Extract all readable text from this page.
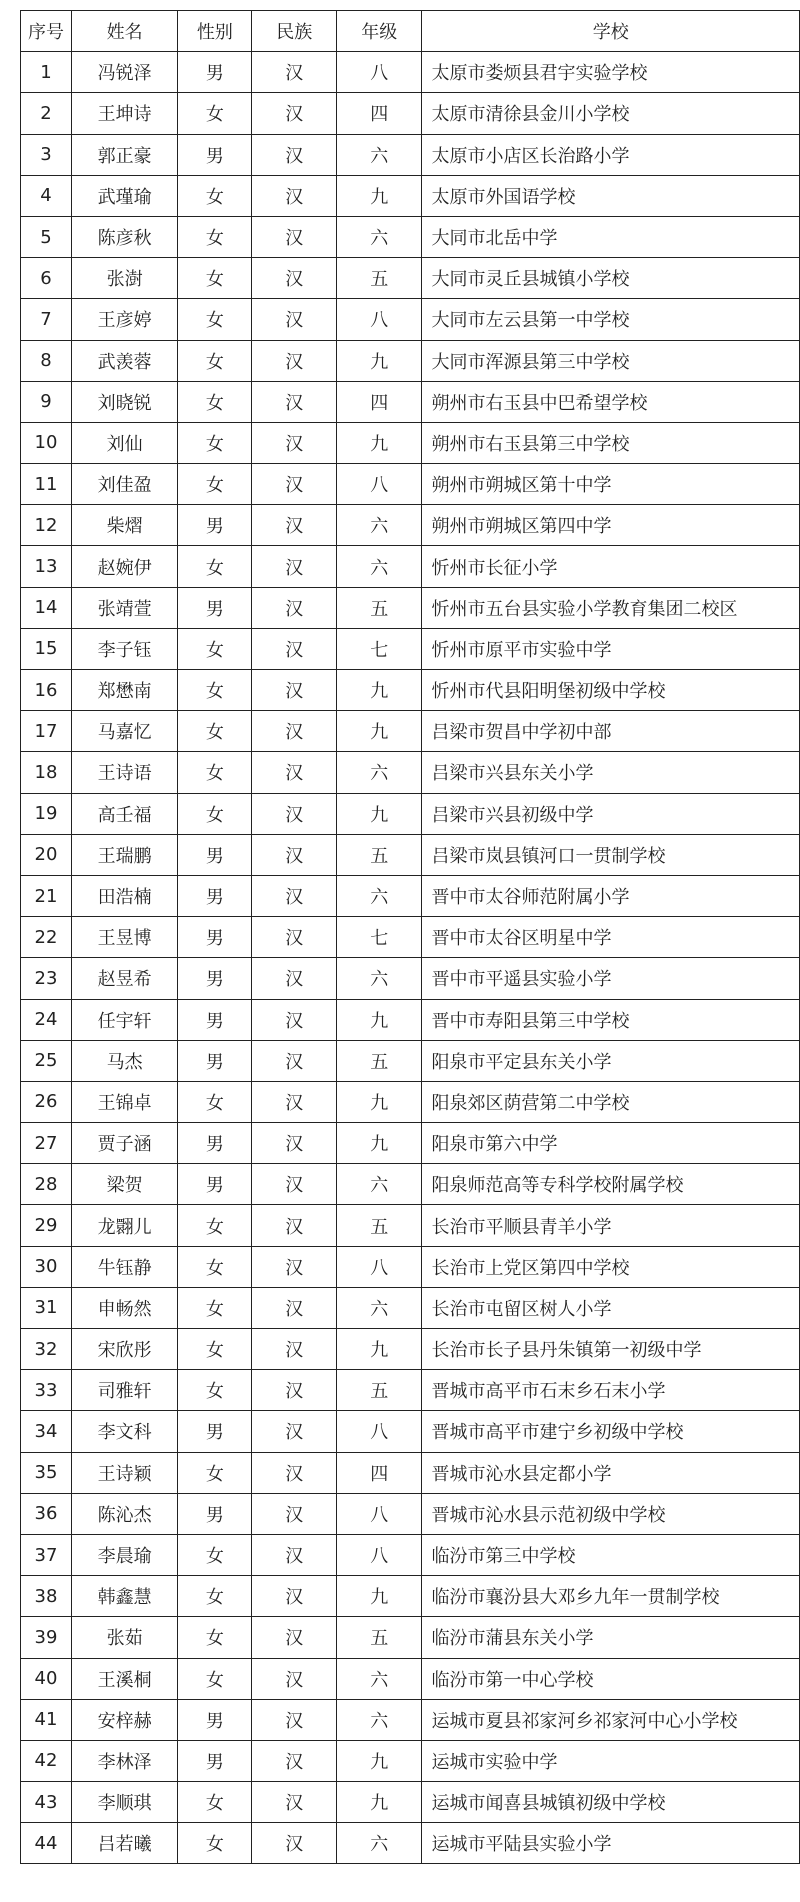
序号	姓名	性别	民族	年级	学校
1	冯锐泽	男	汉	八	太原市娄烦县君宇实验学校
2	王坤诗	女	汉	四	太原市清徐县金川小学校
3	郭正豪	男	汉	六	太原市小店区长治路小学
4	武瑾瑜	女	汉	九	太原市外国语学校
5	陈彦秋	女	汉	六	大同市北岳中学
6	张澍	女	汉	五	大同市灵丘县城镇小学校
7	王彦婷	女	汉	八	大同市左云县第一中学校
8	武羡蓉	女	汉	九	大同市浑源县第三中学校
9	刘晓锐	女	汉	四	朔州市右玉县中巴希望学校
10	刘仙	女	汉	九	朔州市右玉县第三中学校
11	刘佳盈	女	汉	八	朔州市朔城区第十中学
12	柴熠	男	汉	六	朔州市朔城区第四中学
13	赵婉伊	女	汉	六	忻州市长征小学
14	张靖萱	男	汉	五	忻州市五台县实验小学教育集团二校区
15	李子钰	女	汉	七	忻州市原平市实验中学
16	郑懋南	女	汉	九	忻州市代县阳明堡初级中学校
17	马嘉忆	女	汉	九	吕梁市贺昌中学初中部
18	王诗语	女	汉	六	吕梁市兴县东关小学
19	高壬福	女	汉	九	吕梁市兴县初级中学
20	王瑞鹏	男	汉	五	吕梁市岚县镇河口一贯制学校
21	田浩楠	男	汉	六	晋中市太谷师范附属小学
22	王昱博	男	汉	七	晋中市太谷区明星中学
23	赵昱希	男	汉	六	晋中市平遥县实验小学
24	任宇轩	男	汉	九	晋中市寿阳县第三中学校
25	马杰	男	汉	五	阳泉市平定县东关小学
26	王锦卓	女	汉	九	阳泉郊区荫营第二中学校
27	贾子涵	男	汉	九	阳泉市第六中学
28	梁贺	男	汉	六	阳泉师范高等专科学校附属学校
29	龙翾儿	女	汉	五	长治市平顺县青羊小学
30	牛钰静	女	汉	八	长治市上党区第四中学校
31	申畅然	女	汉	六	长治市屯留区树人小学
32	宋欣彤	女	汉	九	长治市长子县丹朱镇第一初级中学
33	司雅轩	女	汉	五	晋城市高平市石末乡石末小学
34	李文科	男	汉	八	晋城市高平市建宁乡初级中学校
35	王诗颖	女	汉	四	晋城市沁水县定都小学
36	陈沁杰	男	汉	八	晋城市沁水县示范初级中学校
37	李晨瑜	女	汉	八	临汾市第三中学校
38	韩鑫慧	女	汉	九	临汾市襄汾县大邓乡九年一贯制学校
39	张茹	女	汉	五	临汾市蒲县东关小学
40	王溪桐	女	汉	六	临汾市第一中心学校
41	安梓赫	男	汉	六	运城市夏县祁家河乡祁家河中心小学校
42	李林泽	男	汉	九	运城市实验中学
43	李顺琪	女	汉	九	运城市闻喜县城镇初级中学校
44	吕若曦	女	汉	六	运城市平陆县实验小学
